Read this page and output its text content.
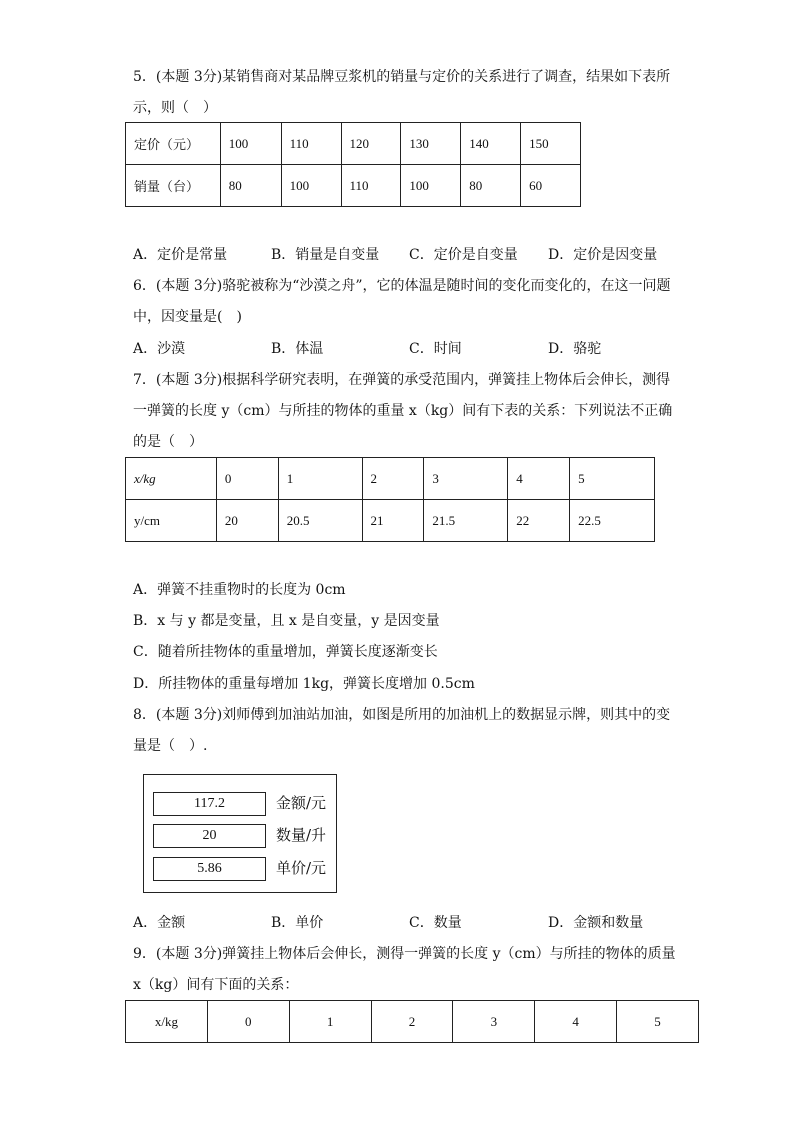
5．(本题 3分)某销售商对某品牌豆浆机的销量与定价的关系进行了调查，结果如下表所
示，则（　）
定价（元）	100	110	120	130	140	150
销量（台）	80	100	110	100	80	60
A．定价是常量	B．销量是自变量 C．定价是自变量 D．定价是因变量
6．(本题 3分)骆驼被称为“沙漠之舟”，它的体温是随时间的变化而变化的，在这一问题
中，因变量是(　)
A．沙漠	B．体温	C．时间	D．骆驼
7．(本题 3分)根据科学研究表明，在弹簧的承受范围内，弹簧挂上物体后会伸长，测得
一弹簧的长度 y（cm）与所挂的物体的重量 x（kg）间有下表的关系：下列说法不正确
的是（　）
x/kg	0	1	2	3	4	5
y/cm	20	20.5	21	21.5	22	22.5
A．弹簧不挂重物时的长度为 0cm
B．x 与 y 都是变量，且 x 是自变量，y 是因变量
C．随着所挂物体的重量增加，弹簧长度逐渐变长
D．所挂物体的重量每增加 1kg，弹簧长度增加 0.5cm
8．(本题 3分)刘师傅到加油站加油，如图是所用的加油机上的数据显示牌，则其中的变
量是（　）.
117.2	金额/元
20	数量/升
5.86	单价/元
A．金额	B．单价	C．数量	D．金额和数量
9．(本题 3分)弹簧挂上物体后会伸长，测得一弹簧的长度 y（cm）与所挂的物体的质量
x（kg）间有下面的关系：
x/kg	0	1	2	3	4	5
